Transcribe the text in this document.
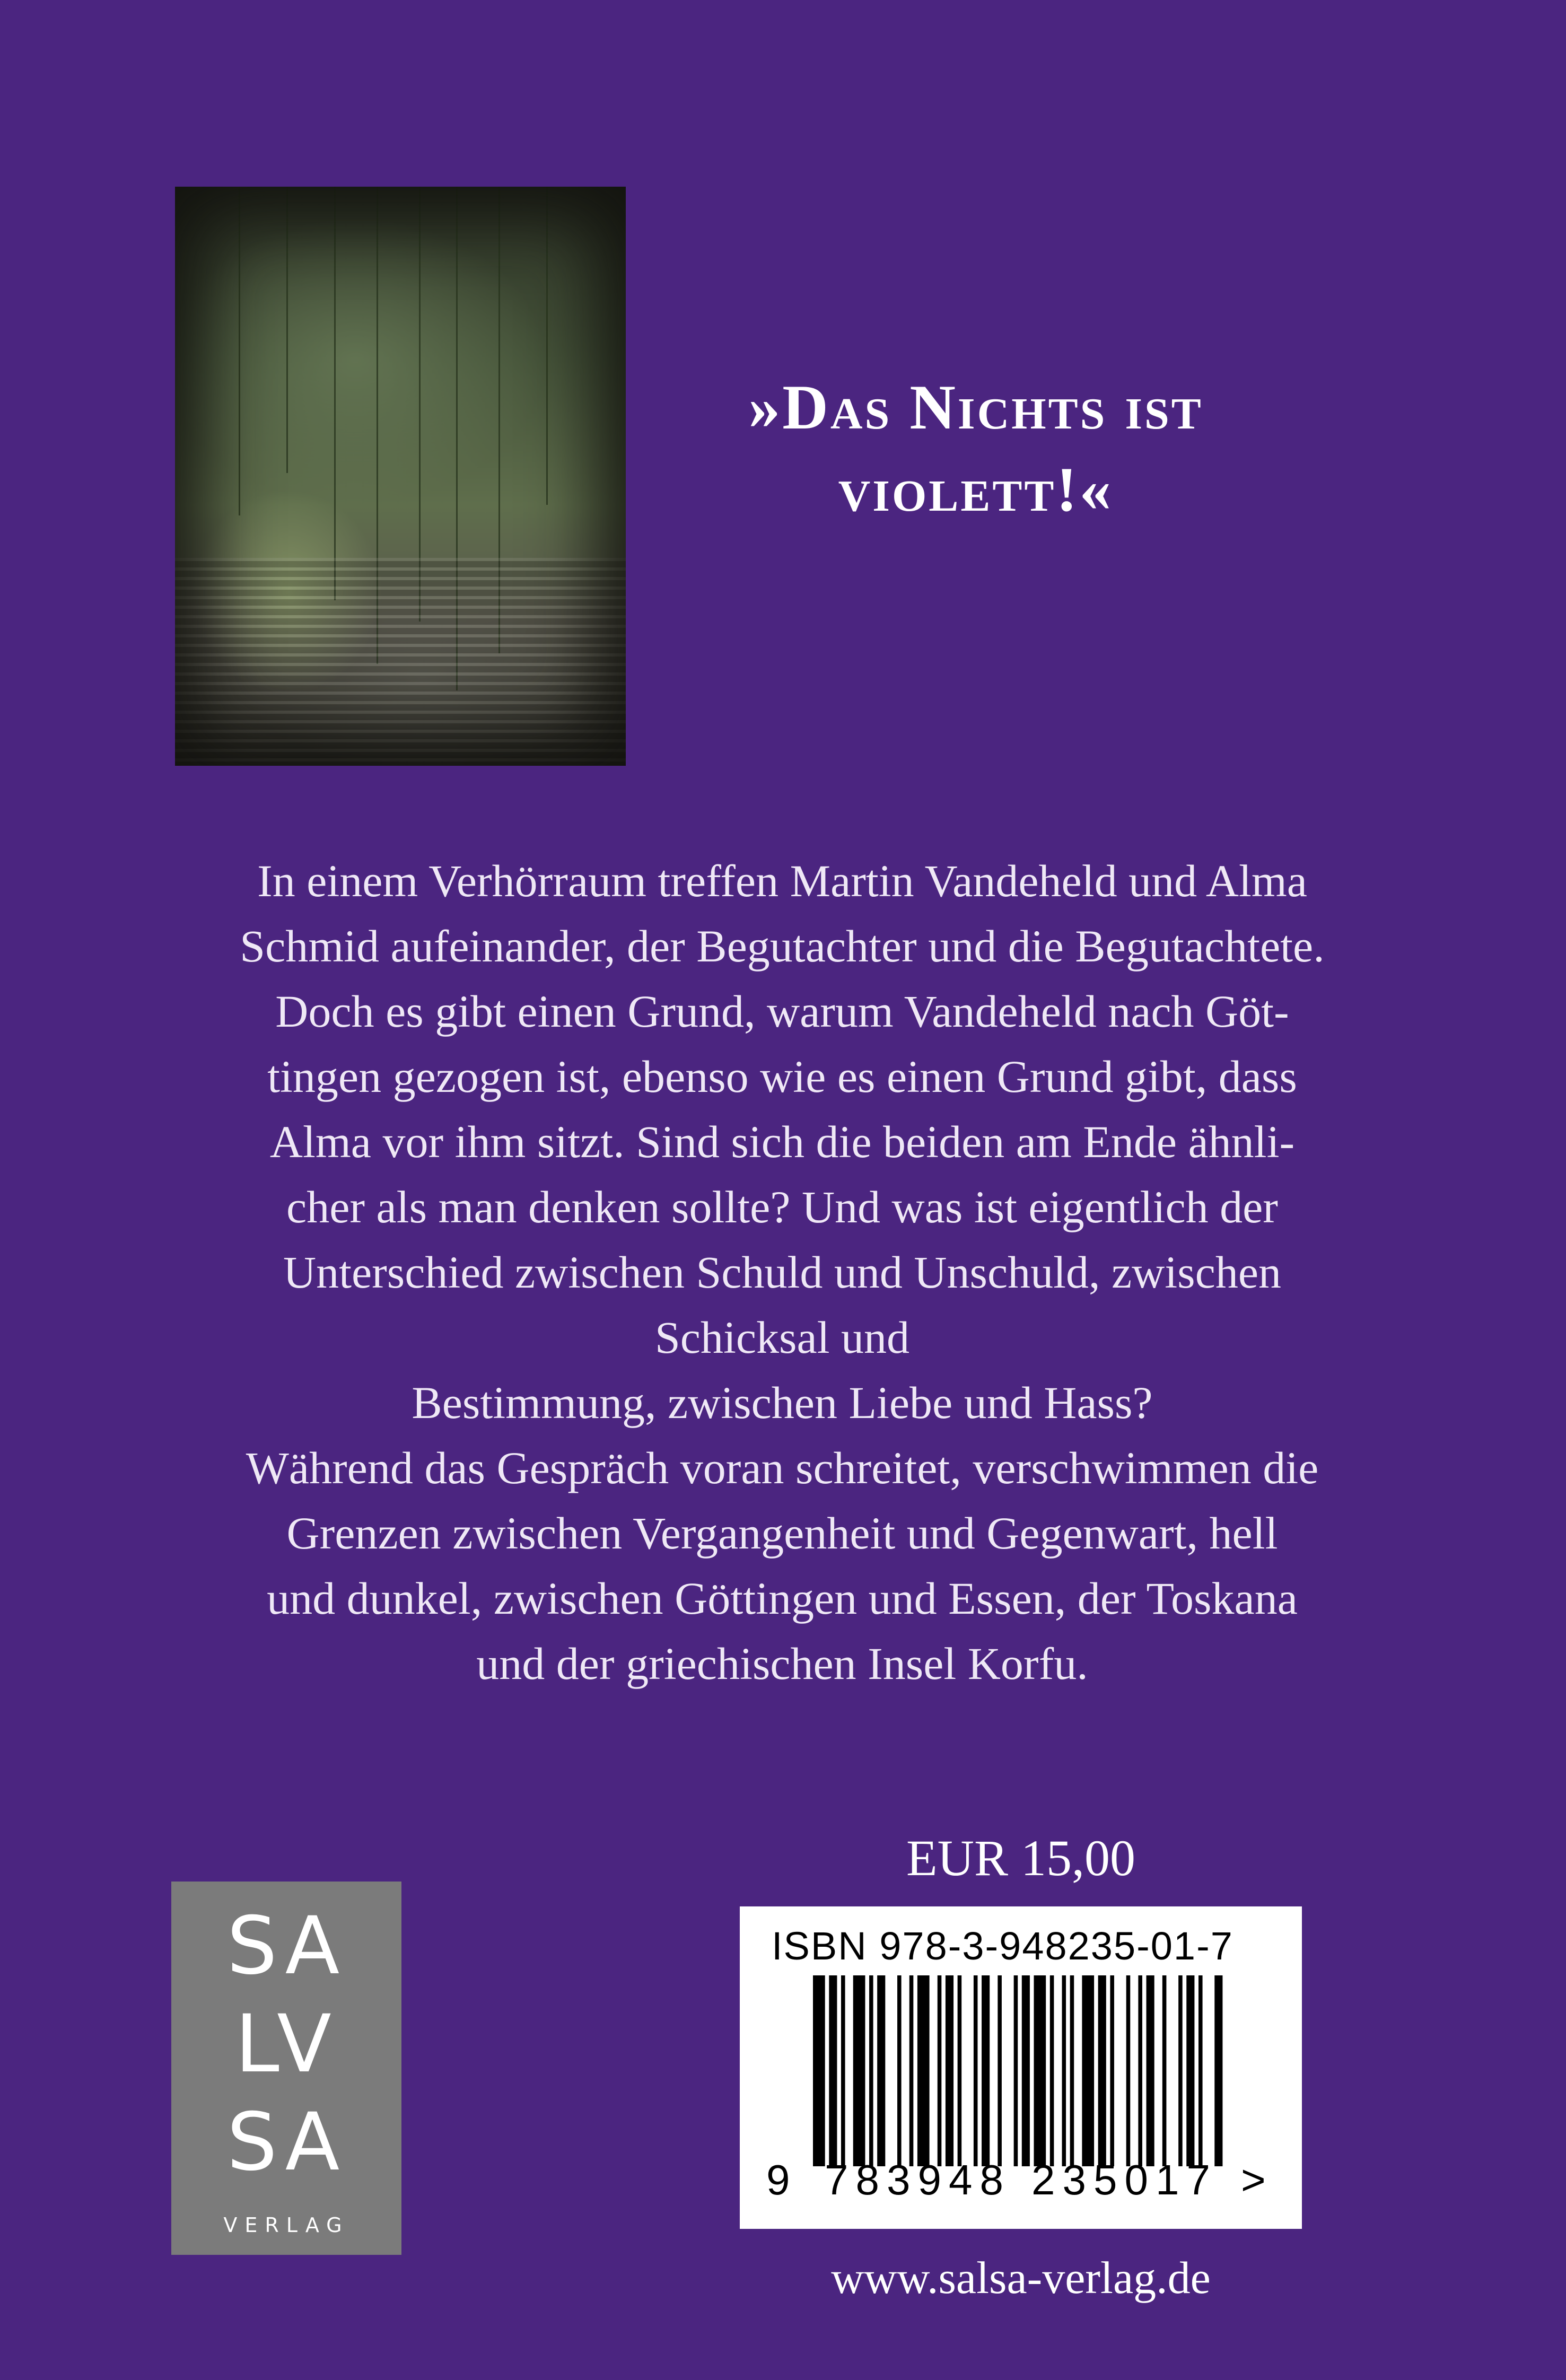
»Das Nichts ist
violett!«

In einem Verhörraum treffen Martin Vandeheld und Alma

Schmid aufeinander, der Begutachter und die Begutachtete.

Doch es gibt einen Grund, warum Vandeheld nach Göt-

tingen gezogen ist, ebenso wie es einen Grund gibt, dass

Alma vor ihm sitzt. Sind sich die beiden am Ende ähnli-

cher als man denken sollte? Und was ist eigentlich der

Unterschied zwischen Schuld und Unschuld, zwischen

Schicksal und

Bestimmung, zwischen Liebe und Hass?

Während das Gespräch voran schreitet, verschwimmen die

Grenzen zwischen Vergangenheit und Gegenwart, hell

und dunkel, zwischen Göttingen und Essen, der Toskana

und der griechischen Insel Korfu.

SA
LV
SA
VERLAG
EUR 15,00
ISBN 978-3-948235-01-7
9 783948 235017 >
www.salsa-verlag.de
